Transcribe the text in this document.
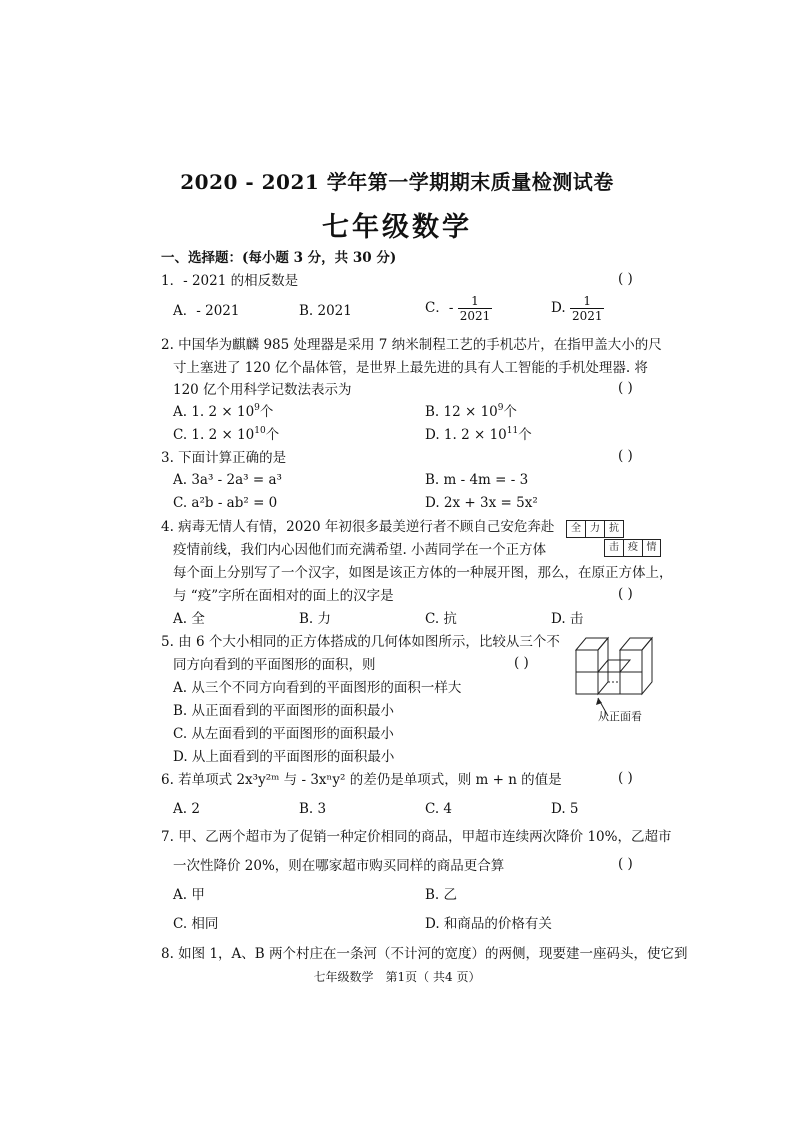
2020 - 2021 学年第一学期期末质量检测试卷
七年级数学
一、选择题：(每小题 3 分，共 30 分)
1．- 2021 的相反数是	( )
A．- 2021	B. 2021	C．- $\frac{1}{2021}$	D. $\frac{1}{2021}$
2. 中国华为麒麟 985 处理器是采用 7 纳米制程工艺的手机芯片，在指甲盖大小的尺
寸上塞进了 120 亿个晶体管，是世界上最先进的具有人工智能的手机处理器. 将
120 亿个用科学记数法表示为	( )
A. 1. $2 \times 10^9$个	B. $12 \times 10^9$个
C. 1. $2 \times 10^{10}$个	D. 1. $2 \times 10^{11}$个
3. 下面计算正确的是	( )
A. 3a³ - 2a³ = a³	B. m - 4m = - 3
C. a²b - ab² = 0	D. 2x + 3x = 5x²
4. 病毒无情人有情，2020 年初很多最美逆行者不顾自己安危奔赴
疫情前线，我们内心因他们而充满希望. 小茜同学在一个正方体
每个面上分别写了一个汉字，如图是该正方体的一种展开图，那么，在原正方体上，
与 “疫”字所在面相对的面上的汉字是	( )
A. 全	B. 力	C. 抗	D. 击
全 力 抗
击 疫 情
5. 由 6 个大小相同的正方体搭成的几何体如图所示，比较从三个不
同方向看到的平面图形的面积，则	( )
A. 从三个不同方向看到的平面图形的面积一样大
B. 从正面看到的平面图形的面积最小
C. 从左面看到的平面图形的面积最小
D. 从上面看到的平面图形的面积最小
从正面看
6. 若单项式 2x³y²ᵐ 与 - 3xⁿy² 的差仍是单项式，则 m + n 的值是	( )
A. 2	B. 3	C. 4	D. 5
7. 甲、乙两个超市为了促销一种定价相同的商品，甲超市连续两次降价 10%，乙超市
一次性降价 20%，则在哪家超市购买同样的商品更合算	( )
A. 甲	B. 乙
C. 相同	D. 和商品的价格有关
8. 如图 1，A、B 两个村庄在一条河（不计河的宽度）的两侧，现要建一座码头，使它到
七年级数学　第1页（ 共4 页）
